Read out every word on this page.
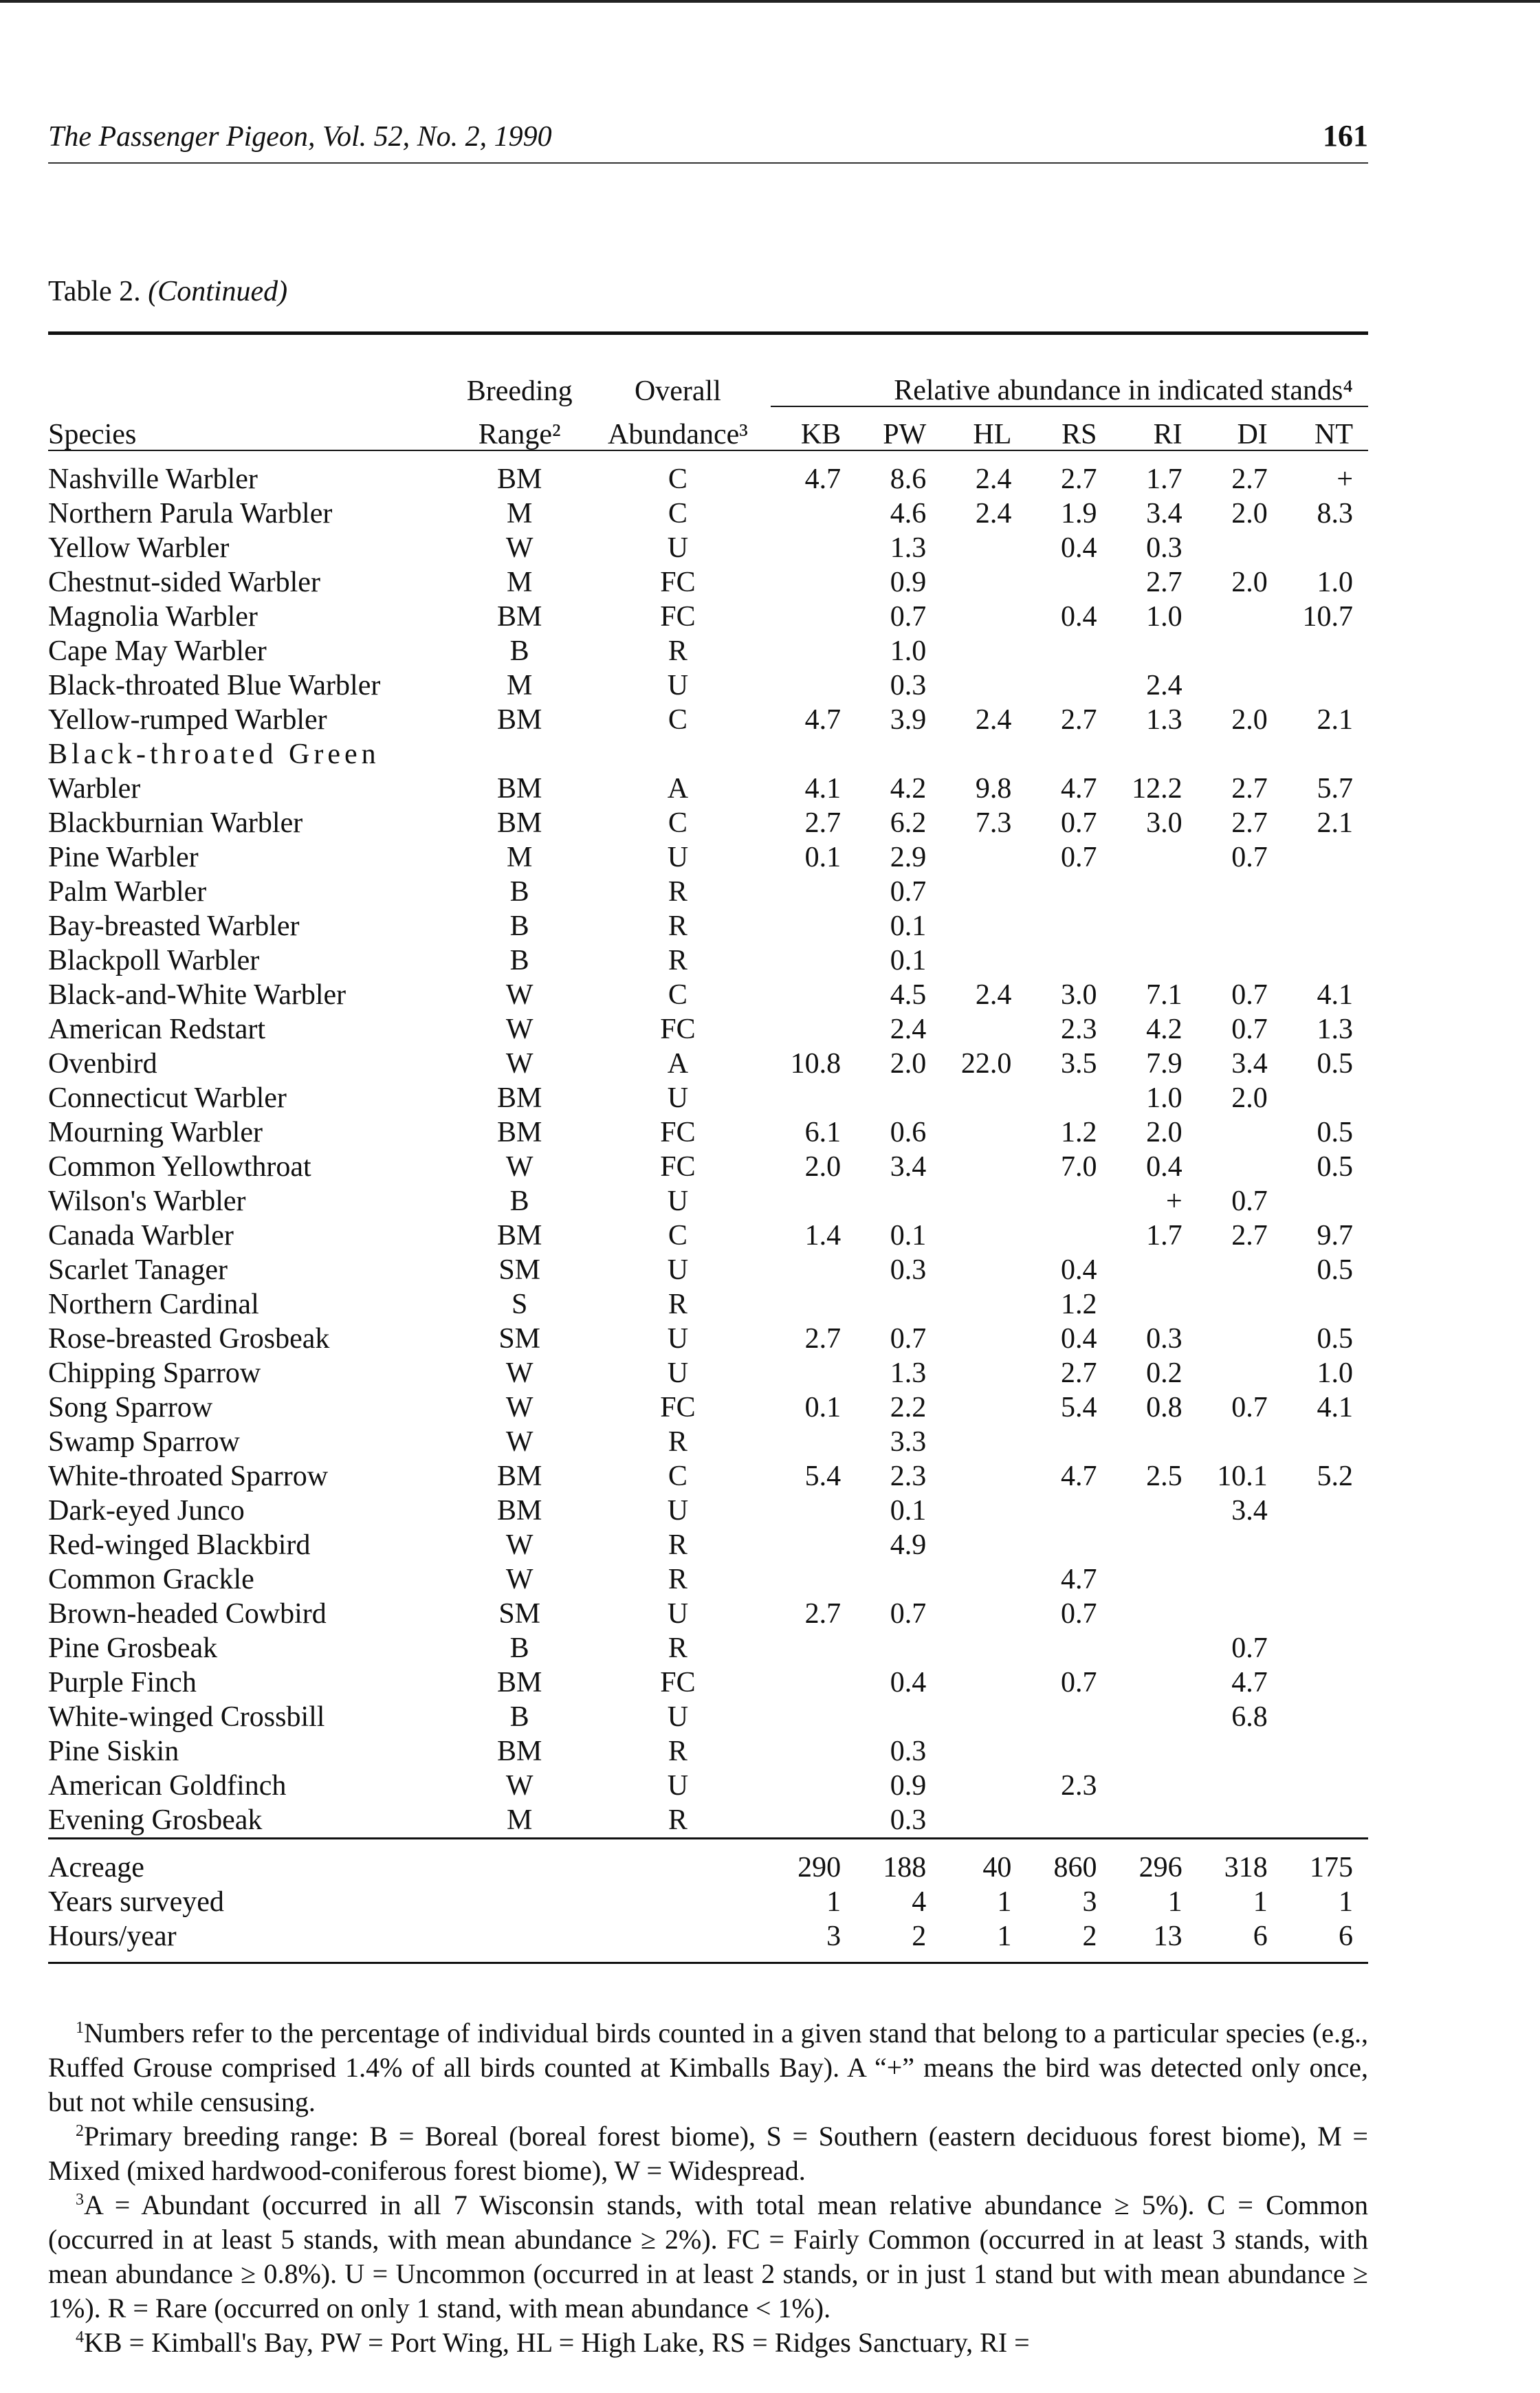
The Passenger Pigeon, Vol. 52, No. 2, 1990	161
Table 2. (Continued)
	Breeding	Overall	Relative abundance in indicated stands⁴						
Species	Range²	Abundance³	KB	PW	HL	RS	RI	DI	NT
Nashville Warbler	BM	C	4.7	8.6	2.4	2.7	1.7	2.7	+
Northern Parula Warbler	M	C		4.6	2.4	1.9	3.4	2.0	8.3
Yellow Warbler	W	U		1.3		0.4	0.3		
Chestnut-sided Warbler	M	FC		0.9			2.7	2.0	1.0
Magnolia Warbler	BM	FC		0.7		0.4	1.0		10.7
Cape May Warbler	B	R		1.0					
Black-throated Blue Warbler	M	U		0.3			2.4		
Yellow-rumped Warbler	BM	C	4.7	3.9	2.4	2.7	1.3	2.0	2.1
Black-throated Green									
Warbler	BM	A	4.1	4.2	9.8	4.7	12.2	2.7	5.7
Blackburnian Warbler	BM	C	2.7	6.2	7.3	0.7	3.0	2.7	2.1
Pine Warbler	M	U	0.1	2.9		0.7		0.7	
Palm Warbler	B	R		0.7					
Bay-breasted Warbler	B	R		0.1					
Blackpoll Warbler	B	R		0.1					
Black-and-White Warbler	W	C		4.5	2.4	3.0	7.1	0.7	4.1
American Redstart	W	FC		2.4		2.3	4.2	0.7	1.3
Ovenbird	W	A	10.8	2.0	22.0	3.5	7.9	3.4	0.5
Connecticut Warbler	BM	U					1.0	2.0	
Mourning Warbler	BM	FC	6.1	0.6		1.2	2.0		0.5
Common Yellowthroat	W	FC	2.0	3.4		7.0	0.4		0.5
Wilson's Warbler	B	U					+	0.7	
Canada Warbler	BM	C	1.4	0.1			1.7	2.7	9.7
Scarlet Tanager	SM	U		0.3		0.4			0.5
Northern Cardinal	S	R				1.2			
Rose-breasted Grosbeak	SM	U	2.7	0.7		0.4	0.3		0.5
Chipping Sparrow	W	U		1.3		2.7	0.2		1.0
Song Sparrow	W	FC	0.1	2.2		5.4	0.8	0.7	4.1
Swamp Sparrow	W	R		3.3					
White-throated Sparrow	BM	C	5.4	2.3		4.7	2.5	10.1	5.2
Dark-eyed Junco	BM	U		0.1				3.4	
Red-winged Blackbird	W	R		4.9					
Common Grackle	W	R				4.7			
Brown-headed Cowbird	SM	U	2.7	0.7		0.7			
Pine Grosbeak	B	R						0.7	
Purple Finch	BM	FC		0.4		0.7		4.7	
White-winged Crossbill	B	U						6.8	
Pine Siskin	BM	R		0.3					
American Goldfinch	W	U		0.9		2.3			
Evening Grosbeak	M	R		0.3					
Acreage			290	188	40	860	296	318	175
Years surveyed			1	4	1	3	1	1	1
Hours/year			3	2	1	2	13	6	6

$^1$Numbers refer to the percentage of individual birds counted in a given stand that belong to a particular species (e.g., Ruffed Grouse comprised 1.4% of all birds counted at Kimballs Bay). A “+” means the bird was detected only once, but not while censusing.

$^2$Primary breeding range: B = Boreal (boreal forest biome), S = Southern (eastern deciduous forest biome), M = Mixed (mixed hardwood-coniferous forest biome), W = Widespread.

$^3$A = Abundant (occurred in all 7 Wisconsin stands, with total mean relative abundance ≥ 5%). C = Common (occurred in at least 5 stands, with mean abundance ≥ 2%). FC = Fairly Common (occurred in at least 3 stands, with mean abundance ≥ 0.8%). U = Uncommon (occurred in at least 2 stands, or in just 1 stand but with mean abundance ≥ 1%). R = Rare (occurred on only 1 stand, with mean abundance < 1%).

$^4$KB = Kimball's Bay, PW = Port Wing, HL = High Lake, RS = Ridges Sanctuary, RI =
